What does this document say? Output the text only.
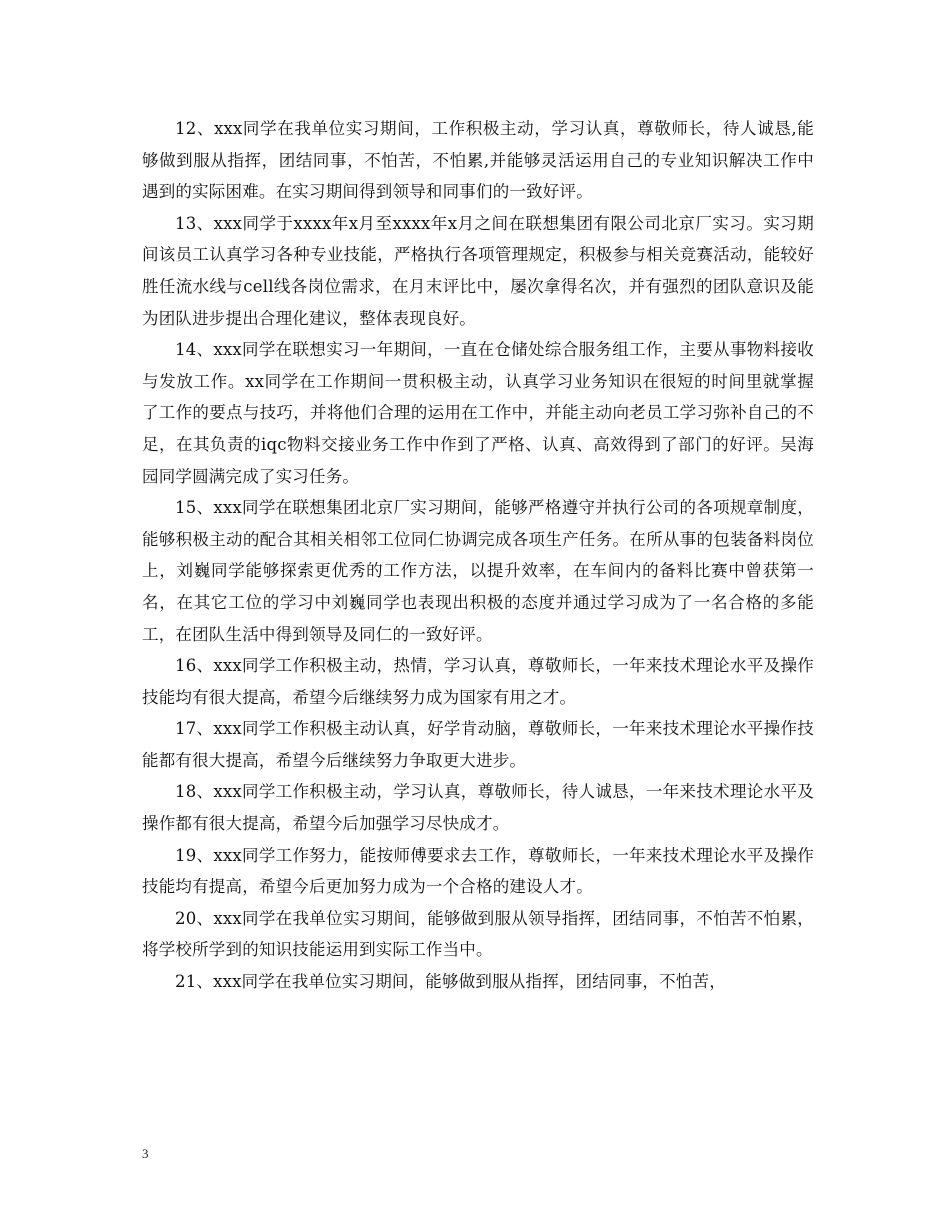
12、xxx同学在我单位实习期间，工作积极主动，学习认真，尊敬师长，待人诚恳,能够做到服从指挥，团结同事，不怕苦，不怕累,并能够灵活运用自己的专业知识解决工作中遇到的实际困难。在实习期间得到领导和同事们的一致好评。

13、xxx同学于xxxx年x月至xxxx年x月之间在联想集团有限公司北京厂实习。实习期间该员工认真学习各种专业技能，严格执行各项管理规定，积极参与相关竞赛活动，能较好胜任流水线与cell线各岗位需求，在月末评比中，屡次拿得名次，并有强烈的团队意识及能为团队进步提出合理化建议，整体表现良好。

14、xxx同学在联想实习一年期间，一直在仓储处综合服务组工作，主要从事物料接收与发放工作。xx同学在工作期间一贯积极主动，认真学习业务知识在很短的时间里就掌握 了工作的要点与技巧，并将他们合理的运用在工作中，并能主动向老员工学习弥补自己的不足，在其负责的iqc物料交接业务工作中作到了严格、认真、高效得到了部门的好评。吴海园同学圆满完成了实习任务。

15、xxx同学在联想集团北京厂实习期间，能够严格遵守并执行公司的各项规章制度，能够积极主动的配合其相关相邻工位同仁协调完成各项生产任务。在所从事的包装备料岗位上，刘巍同学能够探索更优秀的工作方法，以提升效率，在车间内的备料比赛中曾获第一名，在其它工位的学习中刘巍同学也表现出积极的态度并通过学习成为了一名合格的多能工，在团队生活中得到领导及同仁的一致好评。

16、xxx同学工作积极主动，热情，学习认真，尊敬师长，一年来技术理论水平及操作技能均有很大提高，希望今后继续努力成为国家有用之才。

17、xxx同学工作积极主动认真，好学肯动脑，尊敬师长，一年来技术理论水平操作技能都有很大提高，希望今后继续努力争取更大进步。

18、xxx同学工作积极主动，学习认真，尊敬师长，待人诚恳，一年来技术理论水平及操作都有很大提高，希望今后加强学习尽快成才。

19、xxx同学工作努力，能按师傅要求去工作，尊敬师长，一年来技术理论水平及操作技能均有提高，希望今后更加努力成为一个合格的建设人才。

20、xxx同学在我单位实习期间，能够做到服从领导指挥，团结同事，不怕苦不怕累，将学校所学到的知识技能运用到实际工作当中。

21、xxx同学在我单位实习期间，能够做到服从指挥，团结同事，不怕苦，

3
